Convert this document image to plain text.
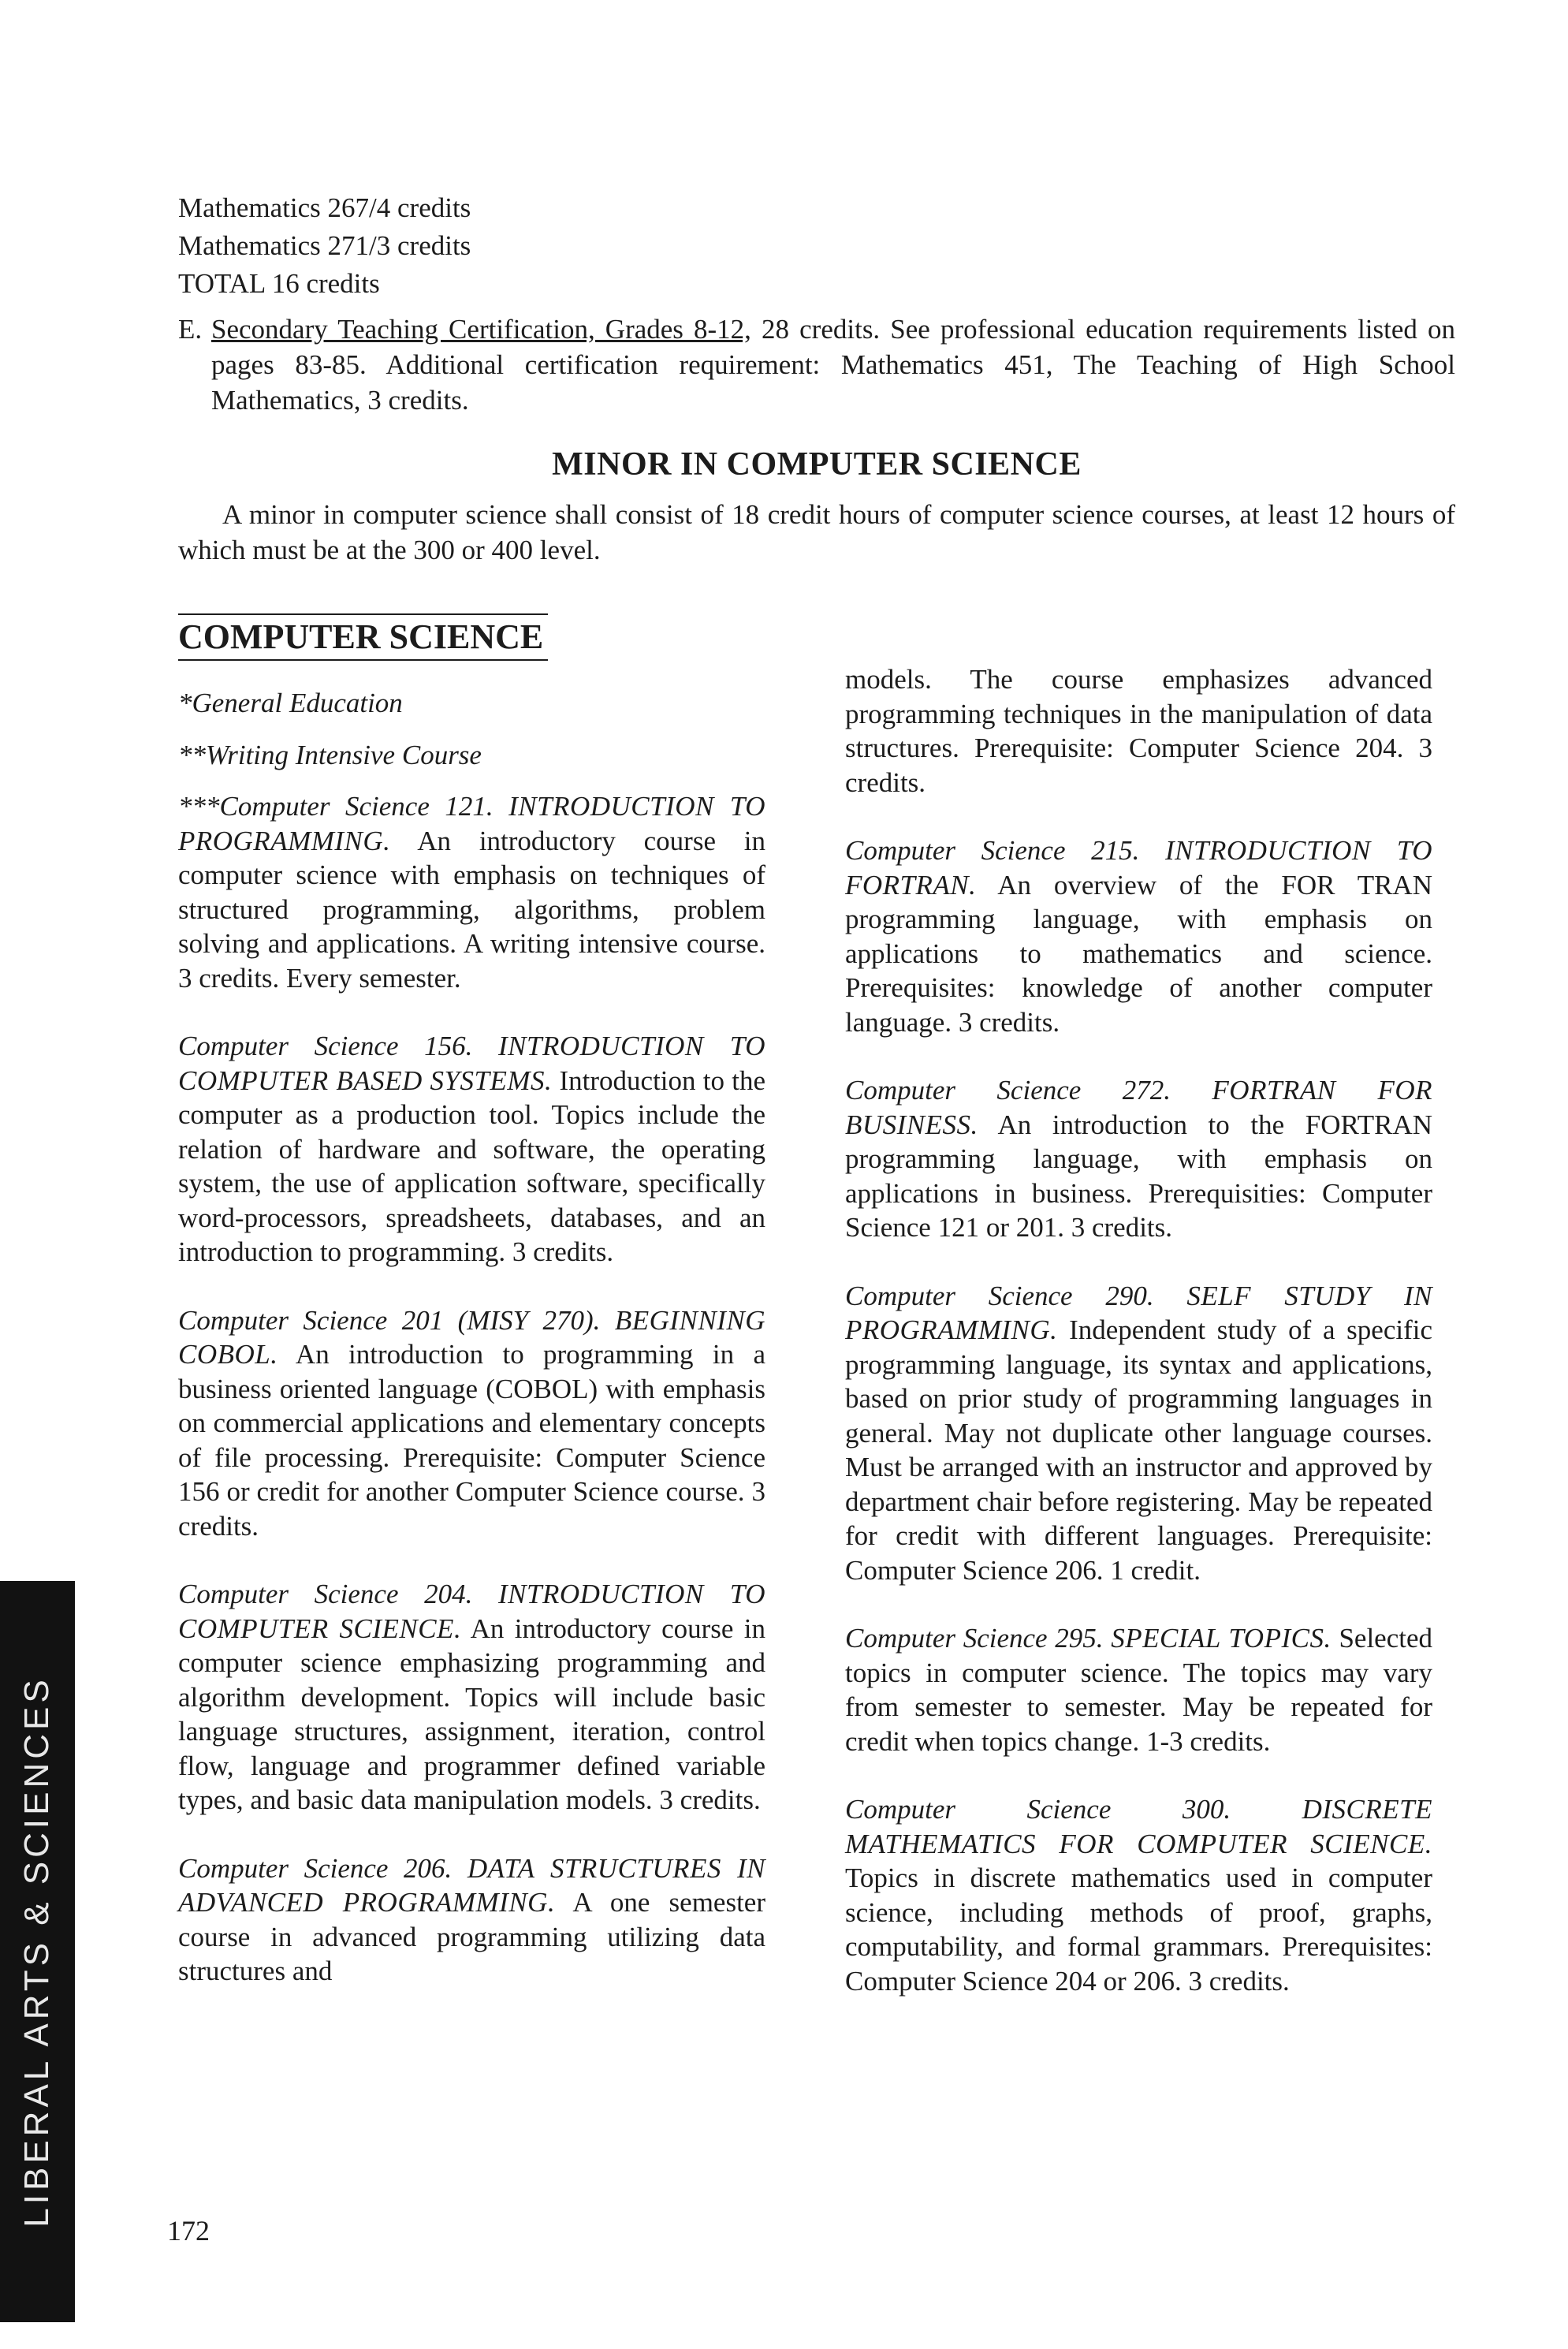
Mathematics 267/4 credits

Mathematics 271/3 credits

TOTAL 16 credits

E. Secondary Teaching Certification, Grades 8-12, 28 credits. See professional education requirements listed on pages 83-85. Additional certification requirement: Mathematics 451, The Teaching of High School Mathematics, 3 credits.
MINOR IN COMPUTER SCIENCE

A minor in computer science shall consist of 18 credit hours of computer science courses, at least 12 hours of which must be at the 300 or 400 level.

COMPUTER SCIENCE

*General Education

**Writing Intensive Course

***Computer Science 121. INTRODUCTION TO PROGRAMMING. An introductory course in computer science with emphasis on techniques of structured programming, algorithms, problem solving and applications. A writing intensive course. 3 credits. Every semester.

Computer Science 156. INTRODUCTION TO COMPUTER BASED SYSTEMS. Introduction to the computer as a production tool. Topics include the relation of hardware and software, the operating system, the use of application software, specifically word-processors, spreadsheets, databases, and an introduction to programming. 3 credits.

Computer Science 201 (MISY 270). BEGINNING COBOL. An introduction to programming in a business oriented language (COBOL) with emphasis on commercial applications and elementary concepts of file processing. Prerequisite: Computer Science 156 or credit for another Computer Science course. 3 credits.

Computer Science 204. INTRODUCTION TO COMPUTER SCIENCE. An introductory course in computer science emphasizing programming and algorithm development. Topics will include basic language structures, assignment, iteration, control flow, language and programmer defined variable types, and basic data manipulation models. 3 credits.

Computer Science 206. DATA STRUCTURES IN ADVANCED PROGRAMMING. A one semester course in advanced programming utilizing data structures and

models. The course emphasizes advanced programming techniques in the manipulation of data structures. Prerequisite: Computer Science 204. 3 credits.

Computer Science 215. INTRODUCTION TO FORTRAN. An overview of the FOR TRAN programming language, with emphasis on applications to mathematics and science. Prerequisites: knowledge of another computer language. 3 credits.

Computer Science 272. FORTRAN FOR BUSINESS. An introduction to the FORTRAN programming language, with emphasis on applications in business. Prerequisities: Computer Science 121 or 201. 3 credits.

Computer Science 290. SELF STUDY IN PROGRAMMING. Independent study of a specific programming language, its syntax and applications, based on prior study of programming languages in general. May not duplicate other language courses. Must be arranged with an instructor and approved by department chair before registering. May be repeated for credit with different languages. Prerequisite: Computer Science 206. 1 credit.

Computer Science 295. SPECIAL TOPICS. Selected topics in computer science. The topics may vary from semester to semester. May be repeated for credit when topics change. 1-3 credits.

Computer Science 300.	DISCRETE MATHEMATICS FOR COMPUTER SCIENCE. Topics in discrete mathematics used in computer science, including methods of proof, graphs, computability, and formal grammars. Prerequisites: Computer Science 204 or 206. 3 credits.

172

LIBERAL ARTS & SCIENCES
